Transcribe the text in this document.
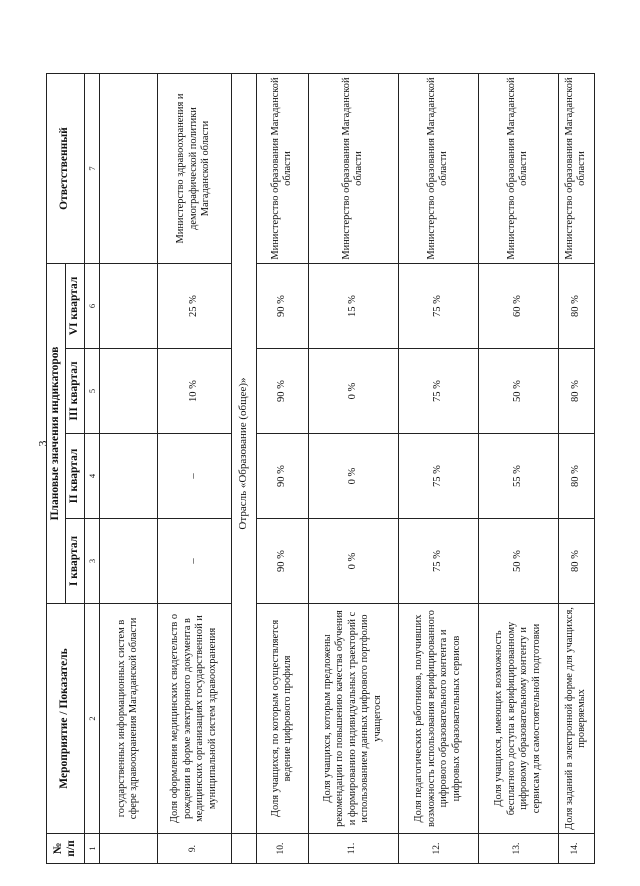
3
№ п/п	Мероприятие / Показатель	Плановые значения индикаторов				Ответственный
		I квартал	II квартал	III квартал	VI квартал	
1	2	3	4	5	6	7
	государственных информационных систем в сфере здравоохранения Магаданской области					
9.	Доля оформления медицинских свидетельств о рождении в форме электронного документа в медицинских организациях государственной и муниципальной систем здравоохранения	–	–	10 %	25 %	Министерство здравоохранения и демографической политики Магаданской области
	Отрасль «Образование (общее)»					
10.	Доля учащихся, по которым осуществляется ведение цифрового профиля	90 %	90 %	90 %	90 %	Министерство образования Магаданской области
11.	Доля учащихся, которым предложены рекомендации по повышению качества обучения и формированию индивидуальных траекторий с использованием данных цифрового портфолио учащегося	0 %	0 %	0 %	15 %	Министерство образования Магаданской области
12.	Доля педагогических работников, получивших возможность использования верифицированного цифрового образовательного контента и цифровых образовательных сервисов	75 %	75 %	75 %	75 %	Министерство образования Магаданской области
13.	Доля учащихся, имеющих возможность бесплатного доступа к верифицированному цифровому образовательному контенту и сервисам для самостоятельной подготовки	50 %	55 %	50 %	60 %	Министерство образования Магаданской области
14.	Доля заданий в электронной форме для учащихся, проверяемых	80 %	80 %	80 %	80 %	Министерство образования Магаданской области
